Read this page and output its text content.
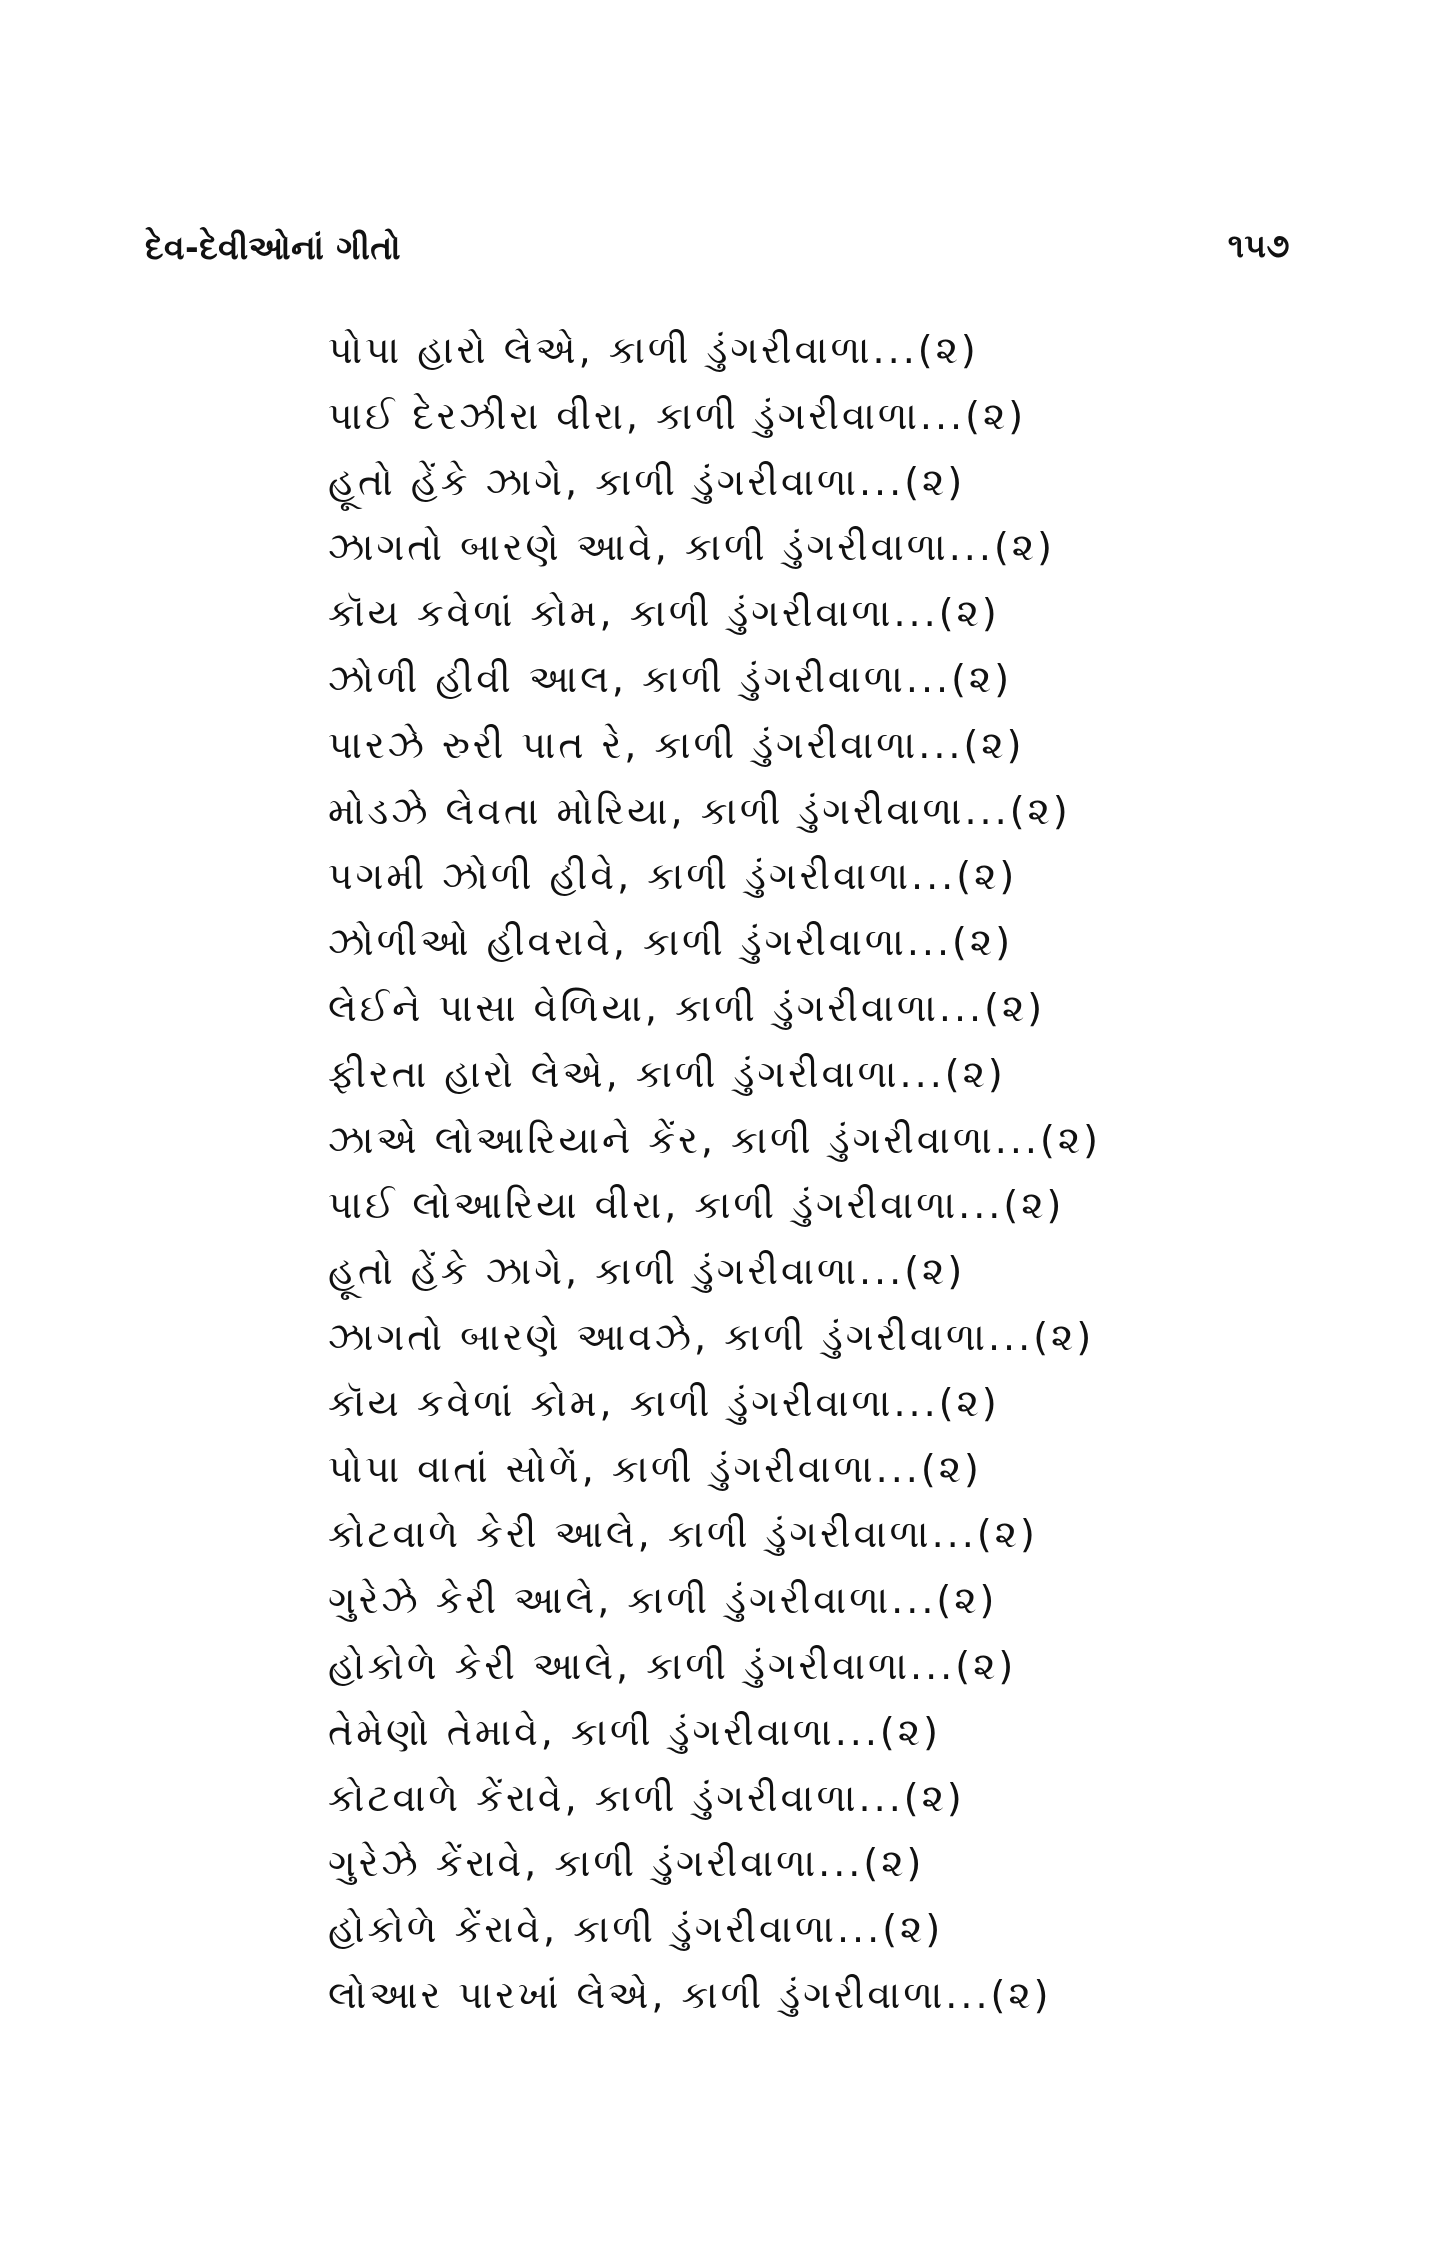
દેવ-દેવીઓનાં ગીતો	૧૫૭
પોપા હારો લેએ, કાળી ડુંગરીવાળા...(૨)
પાઈ દેરઝીરા વીરા, કાળી ડુંગરીવાળા...(૨)
હૂતો હેંકે ઝાગે, કાળી ડુંગરીવાળા...(૨)
ઝાગતો બારણે આવે, કાળી ડુંગરીવાળા...(૨)
કૉય કવેળાં કોમ, કાળી ડુંગરીવાળા...(૨)
ઝોળી હીવી આલ, કાળી ડુંગરીવાળા...(૨)
પારઝે રુરી પાત રે, કાળી ડુંગરીવાળા...(૨)
મોડઝે લેવતા મોરિયા, કાળી ડુંગરીવાળા...(૨)
પગમી ઝોળી હીવે, કાળી ડુંગરીવાળા...(૨)
ઝોળીઓ હીવરાવે, કાળી ડુંગરીવાળા...(૨)
લેઈને પાસા વેળિયા, કાળી ડુંગરીવાળા...(૨)
ફીરતા હારો લેએ, કાળી ડુંગરીવાળા...(૨)
ઝાએ લોઆરિયાને કેંર, કાળી ડુંગરીવાળા...(૨)
પાઈ લોઆરિયા વીરા, કાળી ડુંગરીવાળા...(૨)
હૂતો હેંકે ઝાગે, કાળી ડુંગરીવાળા...(૨)
ઝાગતો બારણે આવઝે, કાળી ડુંગરીવાળા...(૨)
કૉય કવેળાં કોમ, કાળી ડુંગરીવાળા...(૨)
પોપા વાતાં સોળેં, કાળી ડુંગરીવાળા...(૨)
કોટવાળે કેરી આલે, કાળી ડુંગરીવાળા...(૨)
ગુરેઝે કેરી આલે, કાળી ડુંગરીવાળા...(૨)
હોકોળે કેરી આલે, કાળી ડુંગરીવાળા...(૨)
તેમેણો તેમાવે, કાળી ડુંગરીવાળા...(૨)
કોટવાળે કેંરાવે, કાળી ડુંગરીવાળા...(૨)
ગુરેઝે કેંરાવે, કાળી ડુંગરીવાળા...(૨)
હોકોળે કેંરાવે, કાળી ડુંગરીવાળા...(૨)
લોઆર પારખાં લેએ, કાળી ડુંગરીવાળા...(૨)
